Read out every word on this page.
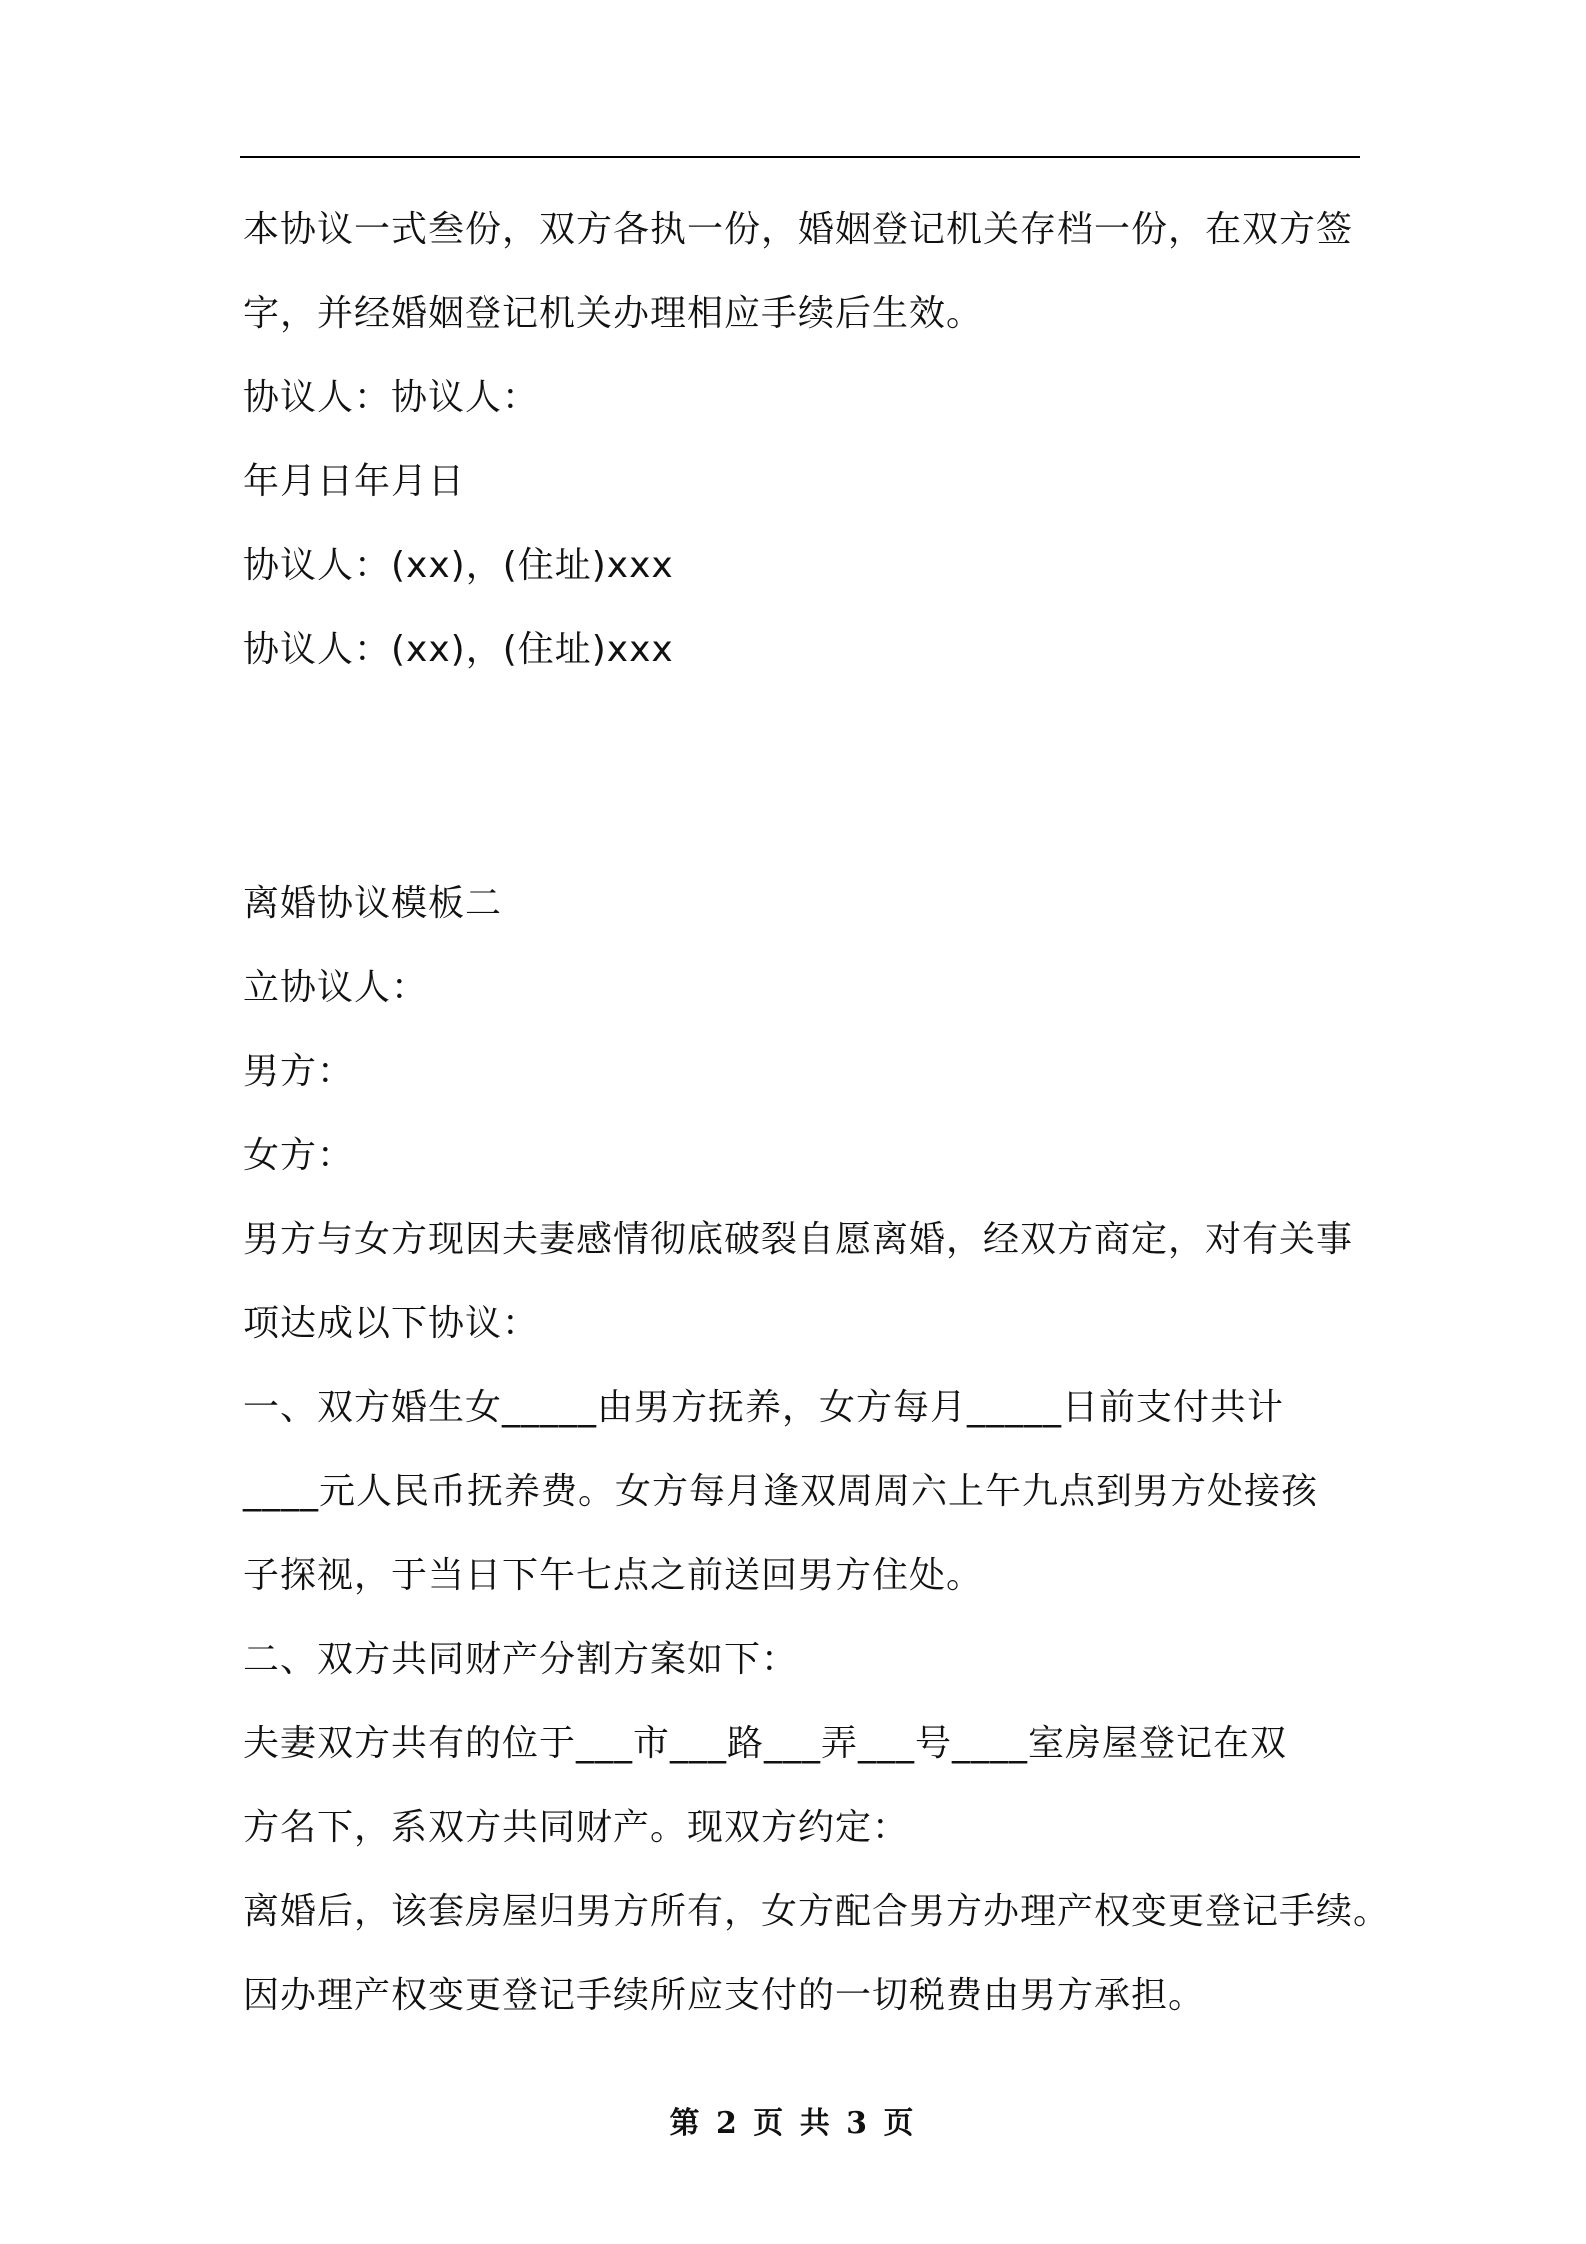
本协议一式叁份，双方各执一份，婚姻登记机关存档一份，在双方签
字，并经婚姻登记机关办理相应手续后生效。
协议人：协议人：
年月日年月日
协议人：(xx)，(住址)xxx
协议人：(xx)，(住址)xxx
离婚协议模板二
立协议人：
男方：
女方：
男方与女方现因夫妻感情彻底破裂自愿离婚，经双方商定，对有关事
项达成以下协议：
一、双方婚生女_____由男方抚养，女方每月_____日前支付共计
____元人民币抚养费。女方每月逢双周周六上午九点到男方处接孩
子探视，于当日下午七点之前送回男方住处。
二、双方共同财产分割方案如下：
夫妻双方共有的位于___市___路___弄___号____室房屋登记在双
方名下，系双方共同财产。现双方约定：
离婚后，该套房屋归男方所有，女方配合男方办理产权变更登记手续。
因办理产权变更登记手续所应支付的一切税费由男方承担。
第 2 页 共 3 页
